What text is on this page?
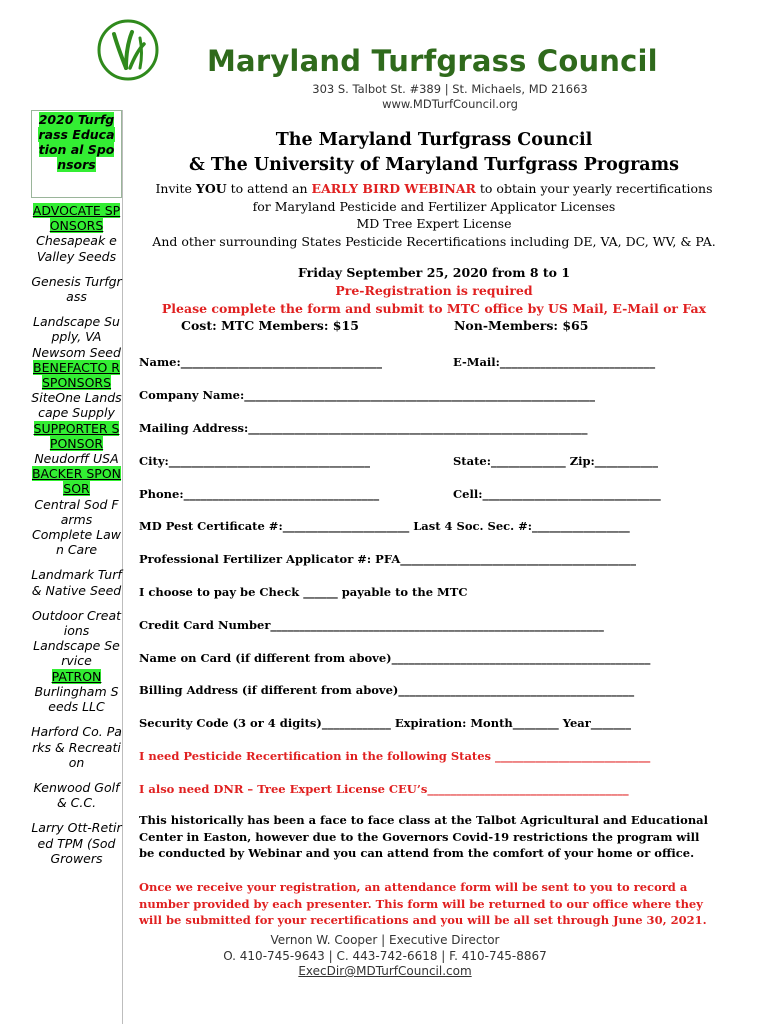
Maryland Turfgrass Council
303 S. Talbot St. #389 | St. Michaels, MD 21663
www.MDTurfCouncil.org
2020 Turfgrass Education al Sponsors
ADVOCATE SPONSORS
Chesapeak e Valley Seeds
Genesis Turfgrass
Landscape Supply, VA
Newsom Seed
BENEFACTO R SPONSORS
SiteOne Landscape Supply
SUPPORTER SPONSOR
Neudorff USA
BACKER SPONSOR
Central Sod Farms
Complete Lawn Care
Landmark Turf & Native Seed
Outdoor Creations
Landscape Service
PATRON
Burlingham Seeds LLC
Harford Co. Parks & Recreation
Kenwood Golf & C.C.
Larry Ott-Retired TPM (Sod Growers
The Maryland Turfgrass Council
& The University of Maryland Turfgrass Programs
Invite YOU to attend an EARLY BIRD WEBINAR to obtain your yearly recertifications
for Maryland Pesticide and Fertilizer Applicator Licenses
MD Tree Expert License
And other surrounding States Pesticide Recertifications including DE, VA, DC, WV, & PA.
Friday September 25, 2020 from 8 to 1
Pre-Registration is required
Please complete the form and submit to MTC office by US Mail, E-Mail or Fax
Cost: MTC Members: $15	Non-Members: $65
Name:___________________________________	E-Mail:___________________________
Company Name:_____________________________________________________________
Mailing Address:___________________________________________________________
City:___________________________________	State:_____________ Zip:___________
Phone:__________________________________	Cell:_______________________________
MD Pest Certificate #:______________________ Last 4 Soc. Sec. #:_________________
Professional Fertilizer Applicator #: PFA_________________________________________
I choose to pay be Check ______ payable to the MTC
Credit Card Number__________________________________________________________
Name on Card (if different from above)_____________________________________________
Billing Address (if different from above)_________________________________________
Security Code (3 or 4 digits)____________ Expiration: Month________ Year_______
I need Pesticide Recertification in the following States ___________________________
I also need DNR – Tree Expert License CEU’s___________________________________
This historically has been a face to face class at the Talbot Agricultural and Educational Center in Easton, however due to the Governors Covid-19 restrictions the program will be conducted by Webinar and you can attend from the comfort of your home or office.
Once we receive your registration, an attendance form will be sent to you to record a number provided by each presenter. This form will be returned to our office where they will be submitted for your recertifications and you will be all set through June 30, 2021.
Vernon W. Cooper | Executive Director
O. 410-745-9643 | C. 443-742-6618 | F. 410-745-8867
ExecDir@MDTurfCouncil.com
